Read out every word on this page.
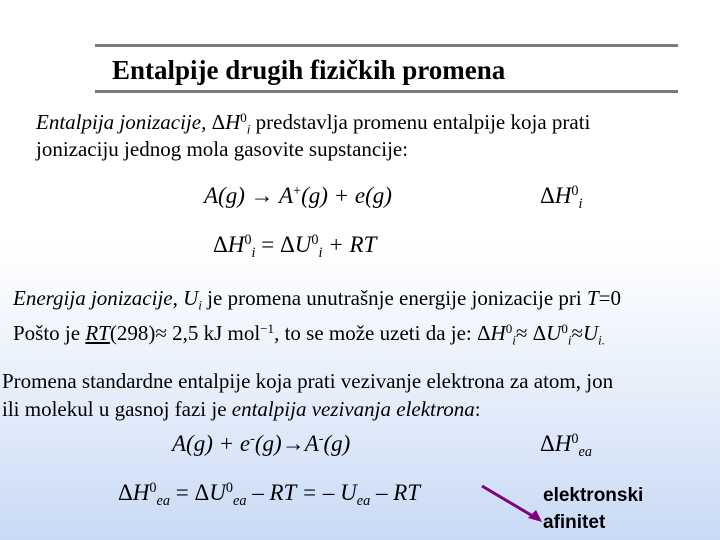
Entalpije drugih fizičkih promena
Entalpija jonizacije, $\Delta H^0_i$ predstavlja promenu entalpije koja prati
jonizaciju jednog mola gasovite supstancije:
A(g) → A+(g) + e(g)	$\Delta H^0_i$
$\Delta H^0_i = \Delta U^0_i$ + RT
Energija jonizacije, $U_i$ je promena unutrašnje energije jonizacije pri T=0
Pošto je RT(298)≈ 2,5 kJ mol$^{-1}$, to se može uzeti da je: $\Delta H^0_i\approx \Delta U^0_i\approx U_{i.}$
Promena standardne entalpije koja prati vezivanje elektrona za atom, jon
ili molekul u gasnoj fazi je entalpija vezivanja elektrona:
A(g) + e-(g)→A-(g)	$\Delta H^0_{ea}$
$\Delta H^0_{ea} = \Delta U^0_{ea}$ – RT = – $U_{ea}$ – RT	elektronski
afinitet
